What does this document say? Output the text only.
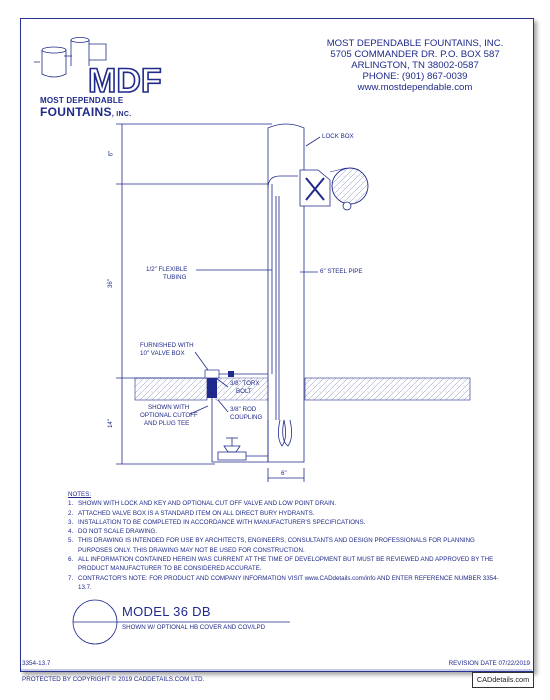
MDF
MOST DEPENDABLE
FOUNTAINS, INC.
MOST DEPENDABLE FOUNTAINS, INC.
5705 COMMANDER DR. P.O. BOX 587
ARLINGTON, TN 38002-0587
PHONE: (901) 867-0039
www.mostdependable.com
6"
36"
14"
6"
LOCK BOX
1/2" FLEXIBLE
TUBING
6" STEEL PIPE
FURNISHED WITH
10" VALVE BOX
3/8" TORX
BOLT
SHOWN WITH
OPTIONAL CUTOFF
AND PLUG TEE
3/8" ROD
COUPLING
NOTES:
1. SHOWN WITH LOCK AND KEY AND OPTIONAL CUT OFF VALVE AND LOW POINT DRAIN.
2. ATTACHED VALVE BOX IS A STANDARD ITEM ON ALL DIRECT BURY HYDRANTS.
3. INSTALLATION TO BE COMPLETED IN ACCORDANCE WITH MANUFACTURER'S SPECIFICATIONS.
4. DO NOT SCALE DRAWING.
5. THIS DRAWING IS INTENDED FOR USE BY ARCHITECTS, ENGINEERS, CONSULTANTS AND DESIGN PROFESSIONALS FOR PLANNING PURPOSES ONLY. THIS DRAWING MAY NOT BE USED FOR CONSTRUCTION.
6. ALL INFORMATION CONTAINED HEREIN WAS CURRENT AT THE TIME OF DEVELOPMENT BUT MUST BE REVIEWED AND APPROVED BY THE PRODUCT MANUFACTURER TO BE CONSIDERED ACCURATE.
7. CONTRACTOR'S NOTE: FOR PRODUCT AND COMPANY INFORMATION VISIT www.CADdetails.com/info AND ENTER REFERENCE NUMBER 3354-13.7.
MODEL 36 DB
SHOWN W/ OPTIONAL HB COVER AND COV/LPD
3354-13.7	REVISION DATE 07/22/2019
PROTECTED BY COPYRIGHT © 2019 CADDETAILS.COM LTD.	CADdetails.com
